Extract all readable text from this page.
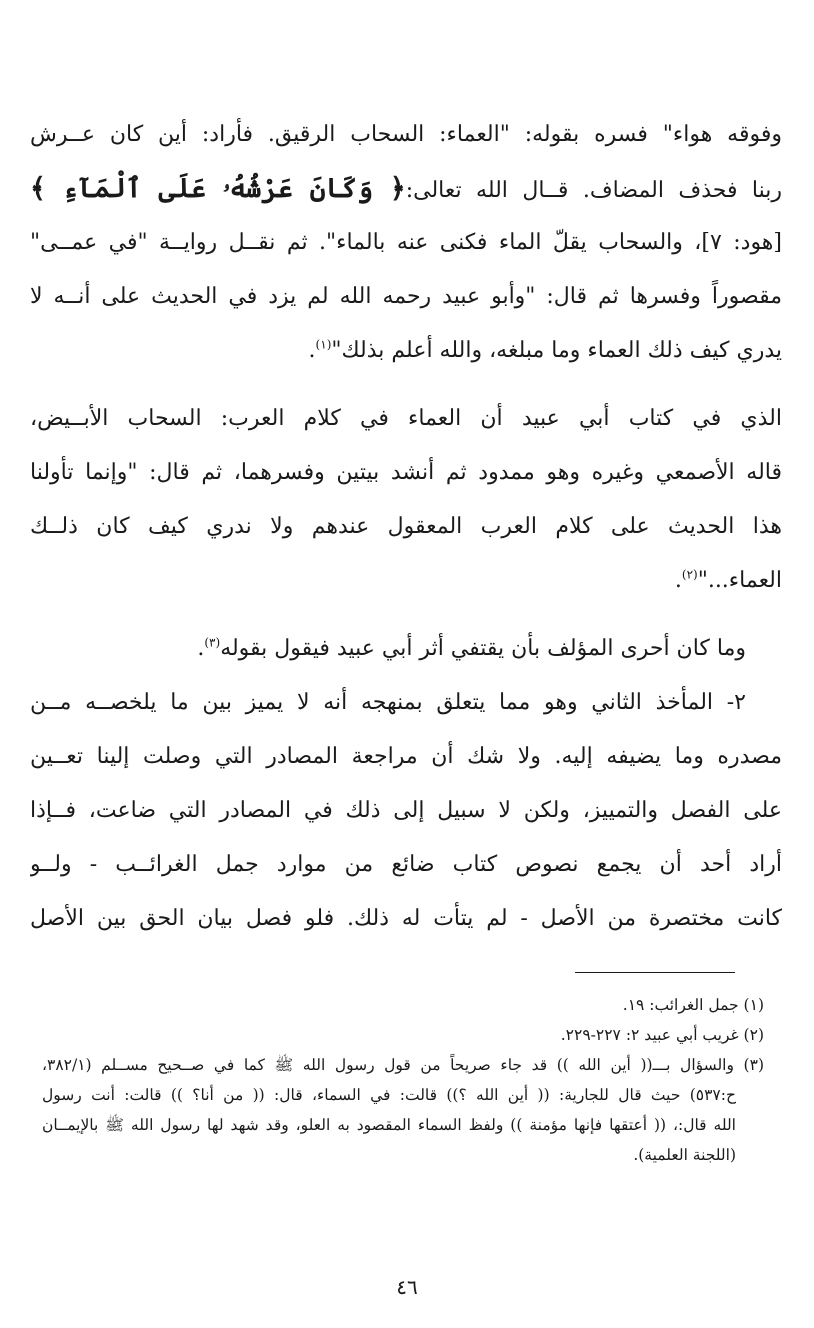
وفوقه هواء" فسره بقوله: "العماء: السحاب الرقيق. فأراد: أين كان عــرش
ربنا فحذف المضاف. قــال الله تعالى:﴿ وَكَانَ عَرْشُهُۥ عَلَى ٱلْمَآءِ ﴾
[هود: ٧]، والسحاب يقلّ الماء فكنى عنه بالماء". ثم نقــل روايــة "في عمــى"
مقصوراً وفسرها ثم قال: "وأبو عبيد رحمه الله لم يزد في الحديث على أنــه لا
يدري كيف ذلك العماء وما مبلغه، والله أعلم بذلك"$^{(١)}$.
الذي في كتاب أبي عبيد أن العماء في كلام العرب: السحاب الأبــيض،
قاله الأصمعي وغيره وهو ممدود ثم أنشد بيتين وفسرهما، ثم قال: "وإنما تأولنا
هذا الحديث على كلام العرب المعقول عندهم ولا ندري كيف كان ذلــك
العماء..."$^{(٢)}$.
وما كان أحرى المؤلف بأن يقتفي أثر أبي عبيد فيقول بقوله$^{(٣)}$.
٢- المأخذ الثاني وهو مما يتعلق بمنهجه أنه لا يميز بين ما يلخصــه مــن
مصدره وما يضيفه إليه. ولا شك أن مراجعة المصادر التي وصلت إلينا تعــين
على الفصل والتمييز، ولكن لا سبيل إلى ذلك في المصادر التي ضاعت، فــإذا
أراد أحد أن يجمع نصوص كتاب ضائع من موارد جمل الغرائــب - ولــو
كانت مختصرة من الأصل - لم يتأت له ذلك. فلو فصل بيان الحق بين الأصل
(١) جمل الغرائب: ١٩.
(٢) غريب أبي عبيد ٢: ٢٢٧-٢٢٩.
(٣) والسؤال بـــ(( أين الله )) قد جاء صريحاً من قول رسول الله ﷺ كما في صــحيح مســلم (٣٨٢/١،
ح:٥٣٧) حيث قال للجارية: (( أين الله ؟)) قالت: في السماء، قال: (( من أنا؟ )) قالت: أنت رسول
الله قال:، (( أعتقها فإنها مؤمنة )) ولفظ السماء المقصود به العلو، وقد شهد لها رسول الله ﷺ بالإيمــان
(اللجنة العلمية).
٤٦
